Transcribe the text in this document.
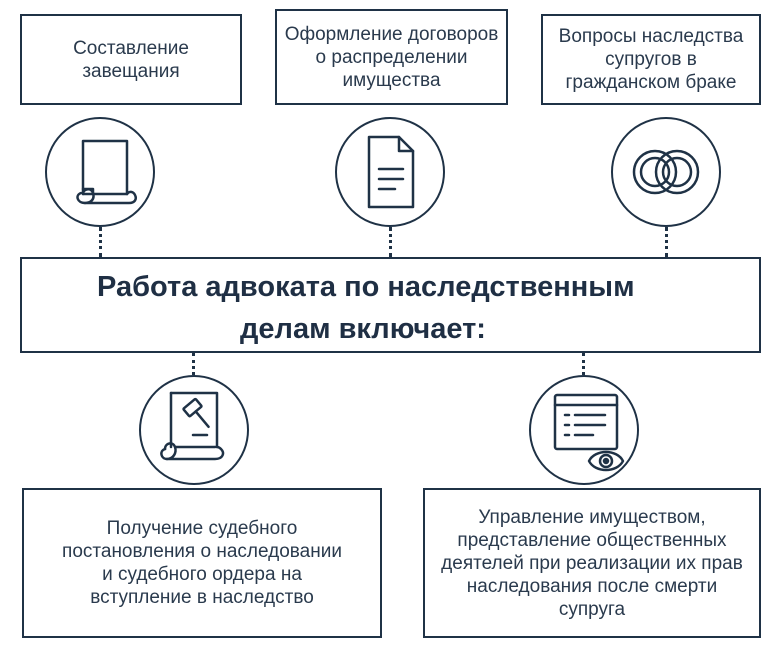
Составление
завещания
Оформление договоров
о распределении
имущества
Вопросы наследства
супругов в
гражданском браке
Работа адвоката по наследственным
делам включает:
Получение судебного
постановления о наследовании
и судебного ордера на
вступление в наследство
Управление имуществом,
представление общественных
деятелей при реализации их прав
наследования после смерти
супруга
